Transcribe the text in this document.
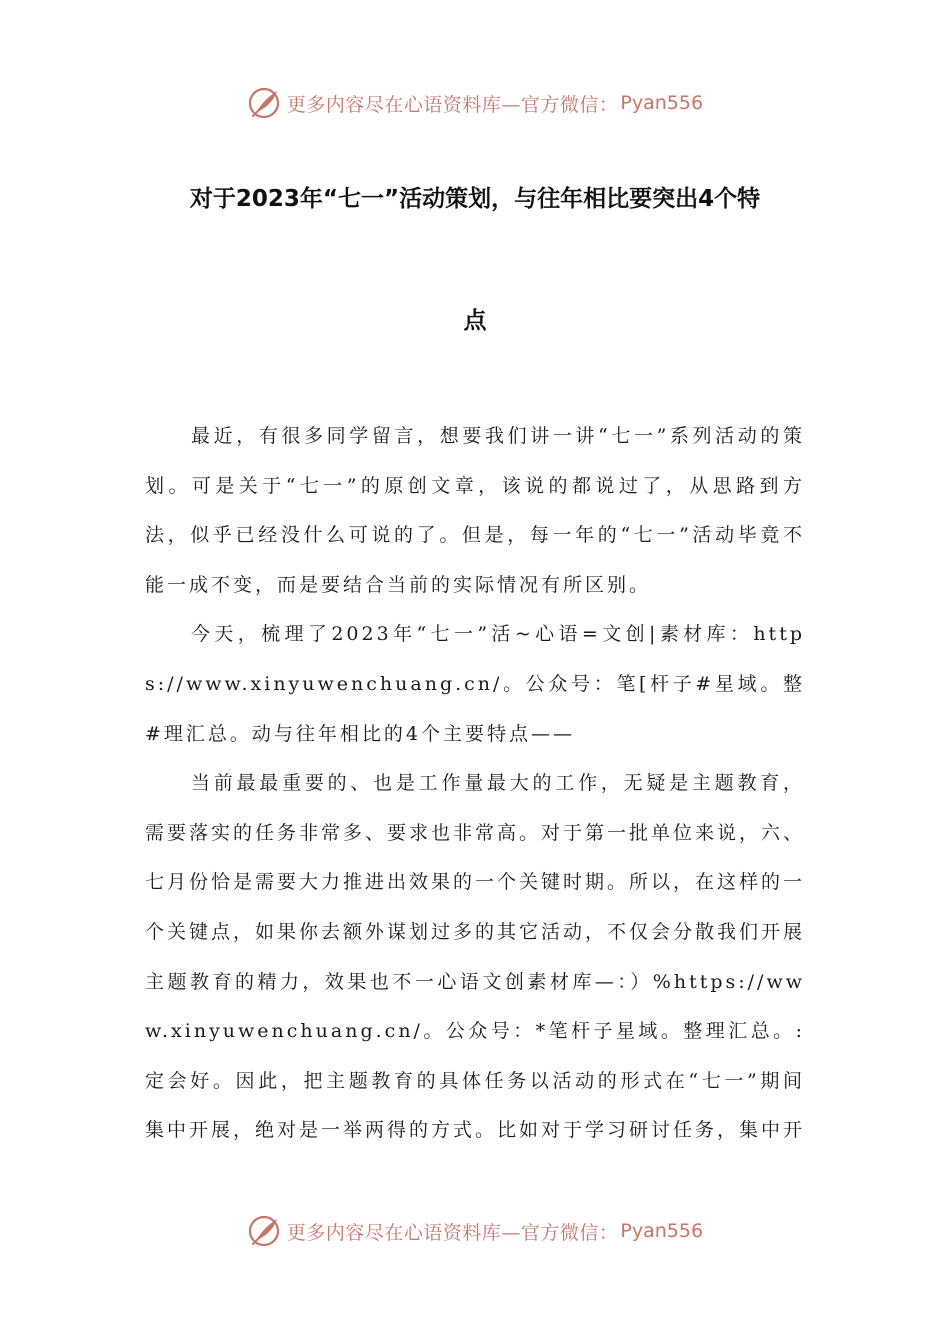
更多内容尽在心语资料库—官方微信： Pyan556
对于2023年“七一”活动策划，与往年相比要突出4个特
点

最近，有很多同学留言，想要我们讲一讲“七一”系列活动的策划。可是关于“七一”的原创文章，该说的都说过了，从思路到方法，似乎已经没什么可说的了。但是，每一年的“七一”活动毕竟不能一成不变，而是要结合当前的实际情况有所区别。

今天，梳理了2023年“七一”活~心语=文创|素材库：https://www.xinyuwenchuang.cn/。公众号：笔[杆子#星域。整#理汇总。动与往年相比的4个主要特点——

当前最最重要的、也是工作量最大的工作，无疑是主题教育，需要落实的任务非常多、要求也非常高。对于第一批单位来说，六、七月份恰是需要大力推进出效果的一个关键时期。所以，在这样的一个关键点，如果你去额外谋划过多的其它活动，不仅会分散我们开展主题教育的精力，效果也不一心语文创素材库—：）%https://www.xinyuwenchuang.cn/。公众号：*笔杆子星域。整理汇总。:定会好。因此，把主题教育的具体任务以活动的形式在“七一”期间集中开展，绝对是一举两得的方式。比如对于学习研讨任务，集中开

更多内容尽在心语资料库—官方微信： Pyan556
